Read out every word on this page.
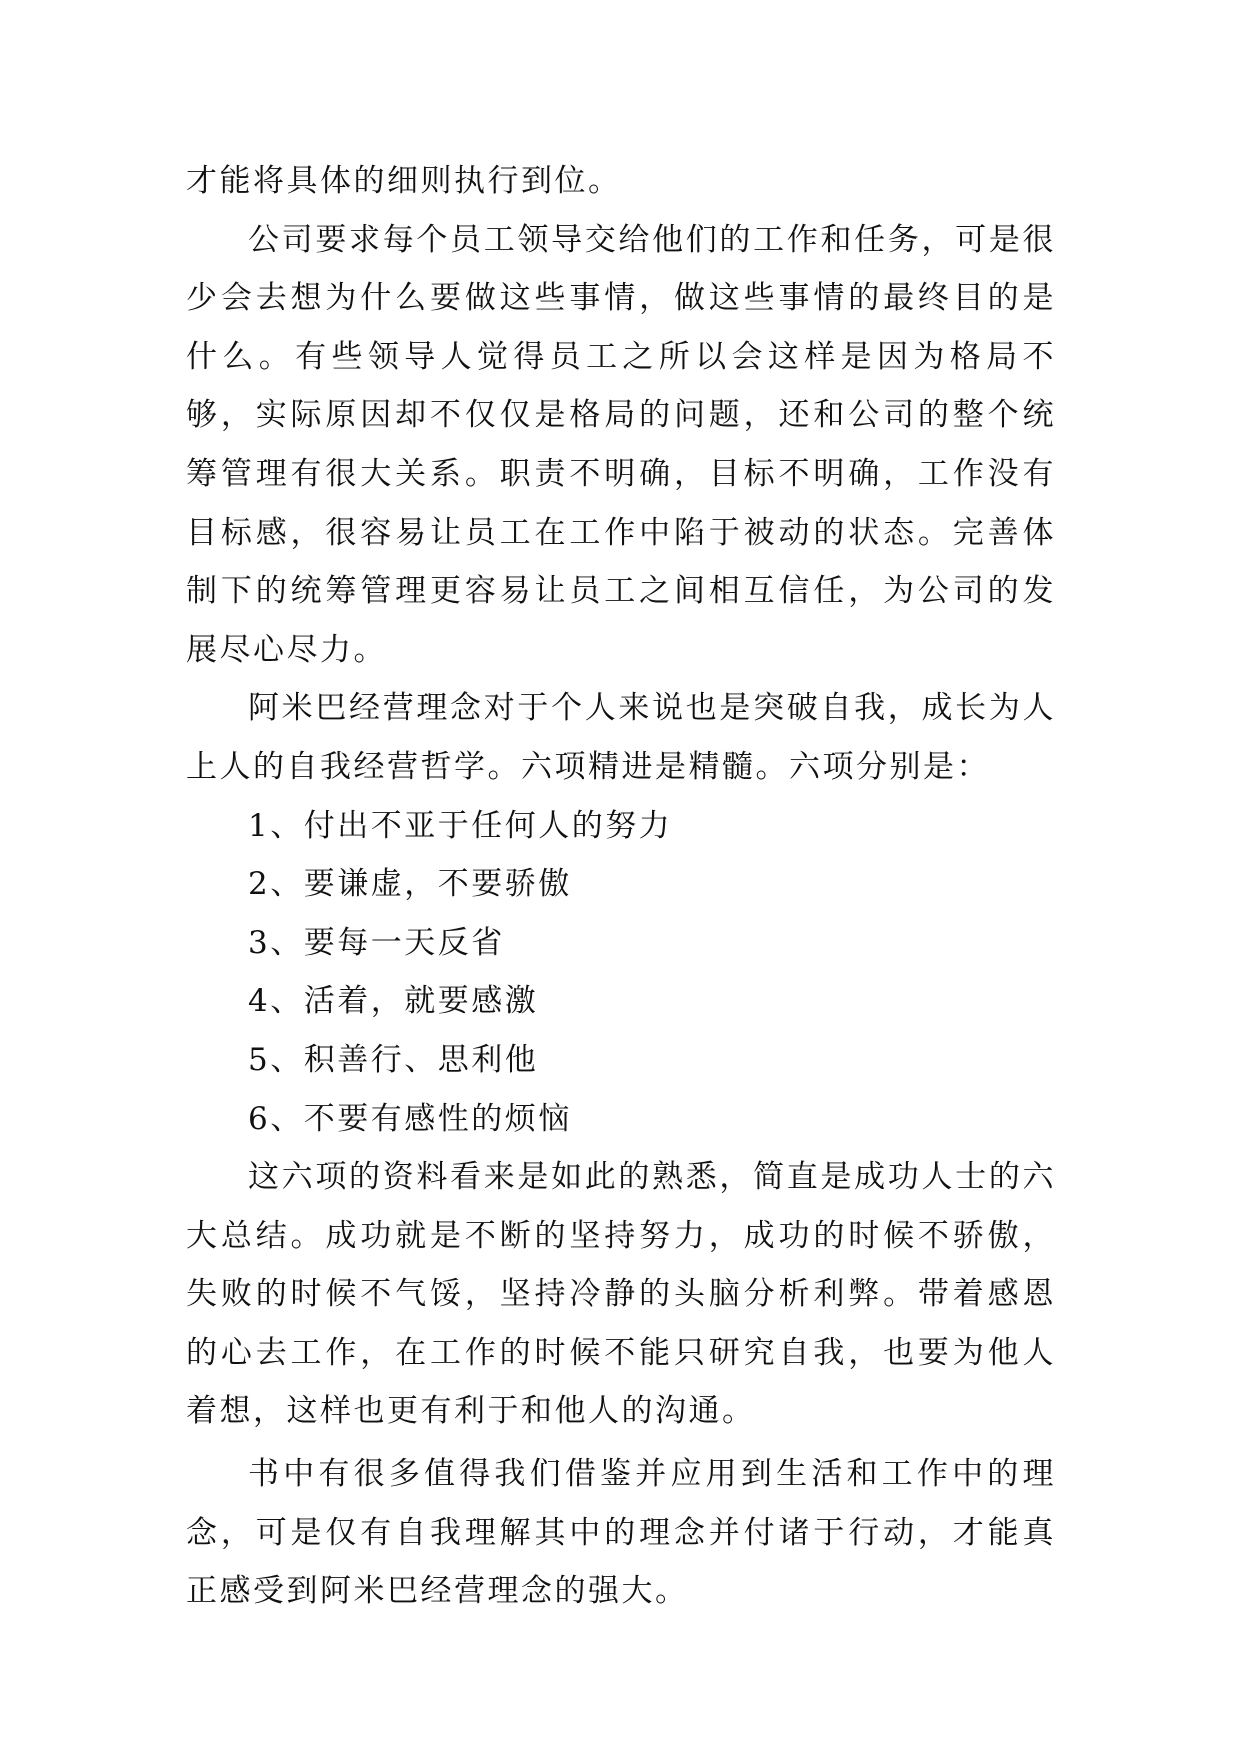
才能将具体的细则执行到位。

公司要求每个员工领导交给他们的工作和任务，可是很少会去想为什么要做这些事情，做这些事情的最终目的是什么。有些领导人觉得员工之所以会这样是因为格局不够，实际原因却不仅仅是格局的问题，还和公司的整个统筹管理有很大关系。职责不明确，目标不明确，工作没有目标感，很容易让员工在工作中陷于被动的状态。完善体制下的统筹管理更容易让员工之间相互信任，为公司的发展尽心尽力。

阿米巴经营理念对于个人来说也是突破自我，成长为人上人的自我经营哲学。六项精进是精髓。六项分别是：

1、付出不亚于任何人的努力
2、要谦虚，不要骄傲
3、要每一天反省
4、活着，就要感激
5、积善行、思利他
6、不要有感性的烦恼

这六项的资料看来是如此的熟悉，简直是成功人士的六大总结。成功就是不断的坚持努力，成功的时候不骄傲，失败的时候不气馁，坚持冷静的头脑分析利弊。带着感恩的心去工作，在工作的时候不能只研究自我，也要为他人着想，这样也更有利于和他人的沟通。

书中有很多值得我们借鉴并应用到生活和工作中的理念，可是仅有自我理解其中的理念并付诸于行动，才能真正感受到阿米巴经营理念的强大。
